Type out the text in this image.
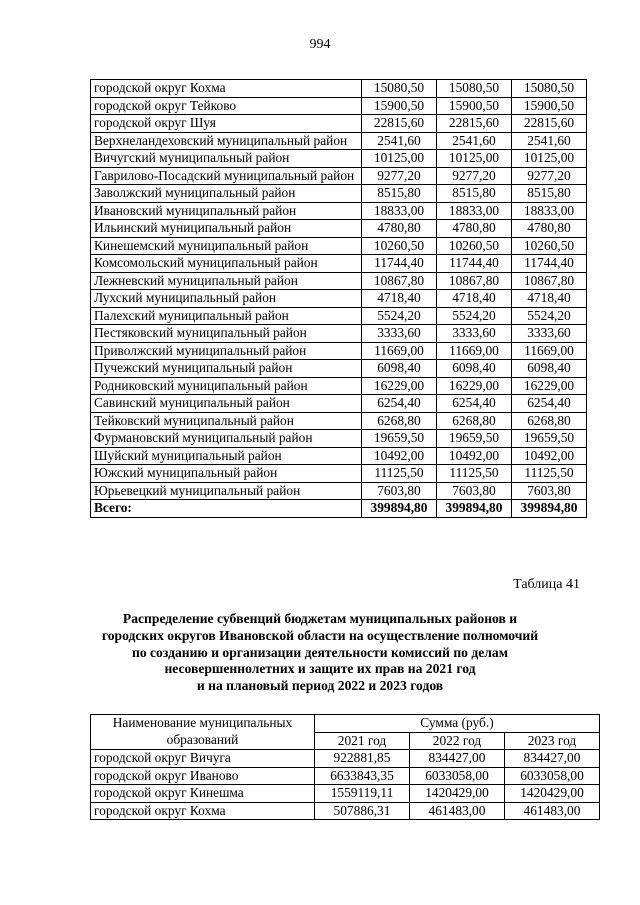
994
городской округ Кохма	15080,50	15080,50	15080,50
городской округ Тейково	15900,50	15900,50	15900,50
городской округ Шуя	22815,60	22815,60	22815,60
Верхнеландеховский муниципальный район	2541,60	2541,60	2541,60
Вичугский муниципальный район	10125,00	10125,00	10125,00
Гаврилово-Посадский муниципальный район	9277,20	9277,20	9277,20
Заволжский муниципальный район	8515,80	8515,80	8515,80
Ивановский муниципальный район	18833,00	18833,00	18833,00
Ильинский муниципальный район	4780,80	4780,80	4780,80
Кинешемский муниципальный район	10260,50	10260,50	10260,50
Комсомольский муниципальный район	11744,40	11744,40	11744,40
Лежневский муниципальный район	10867,80	10867,80	10867,80
Лухский муниципальный район	4718,40	4718,40	4718,40
Палехский муниципальный район	5524,20	5524,20	5524,20
Пестяковский муниципальный район	3333,60	3333,60	3333,60
Приволжский муниципальный район	11669,00	11669,00	11669,00
Пучежский муниципальный район	6098,40	6098,40	6098,40
Родниковский муниципальный район	16229,00	16229,00	16229,00
Савинский муниципальный район	6254,40	6254,40	6254,40
Тейковский муниципальный район	6268,80	6268,80	6268,80
Фурмановский муниципальный район	19659,50	19659,50	19659,50
Шуйский муниципальный район	10492,00	10492,00	10492,00
Южский муниципальный район	11125,50	11125,50	11125,50
Юрьевецкий муниципальный район	7603,80	7603,80	7603,80
Всего:	399894,80	399894,80	399894,80
Таблица 41
Распределение субвенций бюджетам муниципальных районов и
городских округов Ивановской области на осуществление полномочий
по созданию и организации деятельности комиссий по делам
несовершеннолетних и защите их прав на 2021 год
и на плановый период 2022 и 2023 годов
Наименование муниципальных образований	Сумма (руб.)		
	2021 год	2022 год	2023 год
городской округ Вичуга	922881,85	834427,00	834427,00
городской округ Иваново	6633843,35	6033058,00	6033058,00
городской округ Кинешма	1559119,11	1420429,00	1420429,00
городской округ Кохма	507886,31	461483,00	461483,00
